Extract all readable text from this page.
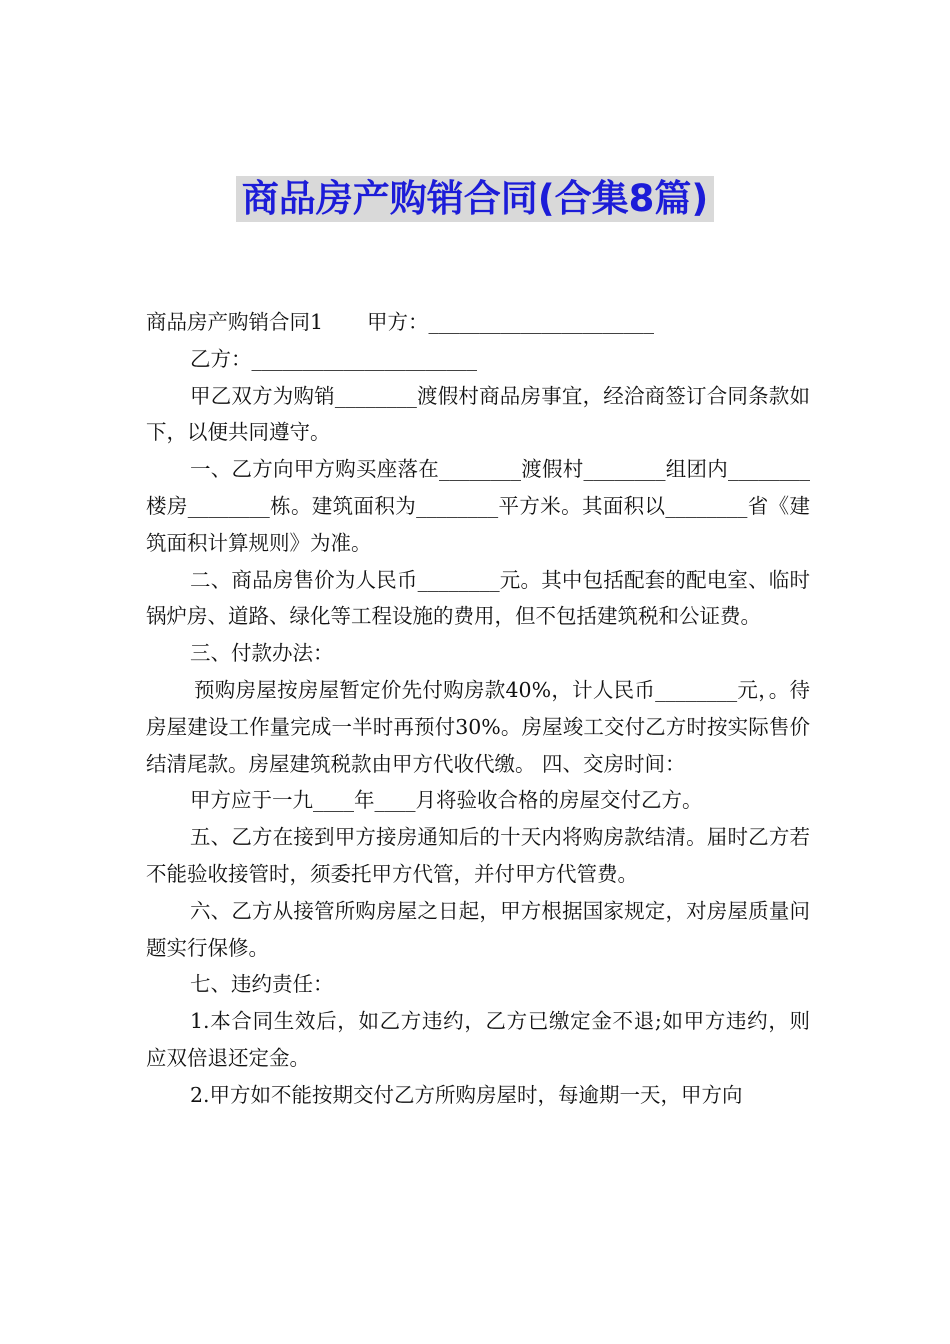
商品房产购销合同(合集8篇)

商品房产购销合同1 甲方：______________________

乙方：______________________

甲乙双方为购销________渡假村商品房事宜，经洽商签订合同条款如下，以便共同遵守。

一、乙方向甲方购买座落在________渡假村________组团内________楼房________栋。建筑面积为________平方米。其面积以________省《建筑面积计算规则》为准。

二、商品房售价为人民币________元。其中包括配套的配电室、临时锅炉房、道路、绿化等工程设施的费用，但不包括建筑税和公证费。

三、付款办法：

预购房屋按房屋暂定价先付购房款40%，计人民币________元，。待房屋建设工作量完成一半时再预付30%。房屋竣工交付乙方时按实际售价结清尾款。房屋建筑税款由甲方代收代缴。 四、交房时间：

甲方应于一九____年____月将验收合格的房屋交付乙方。

五、乙方在接到甲方接房通知后的十天内将购房款结清。届时乙方若不能验收接管时，须委托甲方代管，并付甲方代管费。

六、乙方从接管所购房屋之日起，甲方根据国家规定，对房屋质量问题实行保修。

七、违约责任：

1.本合同生效后，如乙方违约，乙方已缴定金不退;如甲方违约，则应双倍退还定金。

2.甲方如不能按期交付乙方所购房屋时，每逾期一天，甲方向
